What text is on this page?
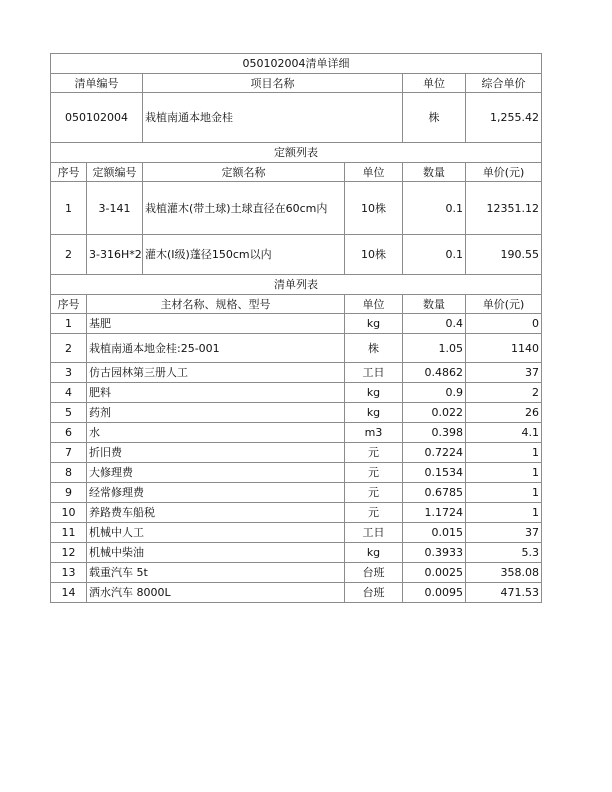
050102004清单详细						
清单编号		项目名称		单位	综合单价	
050102004		栽植南通本地金桂		株	1,255.42	
定额列表						
序号	定额编号	定额名称	单位	数量	单价(元)	
1	3-141	栽植灌木(带土球)土球直径在60cm内	10株	0.1	12351.12	
2	3-316H*2	灌木(I级)蓬径150cm以内	10株	0.1	190.55	
清单列表						
序号	主材名称、规格、型号		单位	数量	单价(元)	
1	基肥		kg	0.4	0	
2	栽植南通本地金桂:25-001		株	1.05	1140	
3	仿古园林第三册人工		工日	0.4862	37	
4	肥料		kg	0.9	2	
5	药剂		kg	0.022	26	
6	水		m3	0.398	4.1	
7	折旧费		元	0.7224	1	
8	大修理费		元	0.1534	1	
9	经常修理费		元	0.6785	1	
10	养路费车船税		元	1.1724	1	
11	机械中人工		工日	0.015	37	
12	机械中柴油		kg	0.3933	5.3	
13	载重汽车 5t		台班	0.0025	358.08	
14	洒水汽车 8000L		台班	0.0095	471.53	
